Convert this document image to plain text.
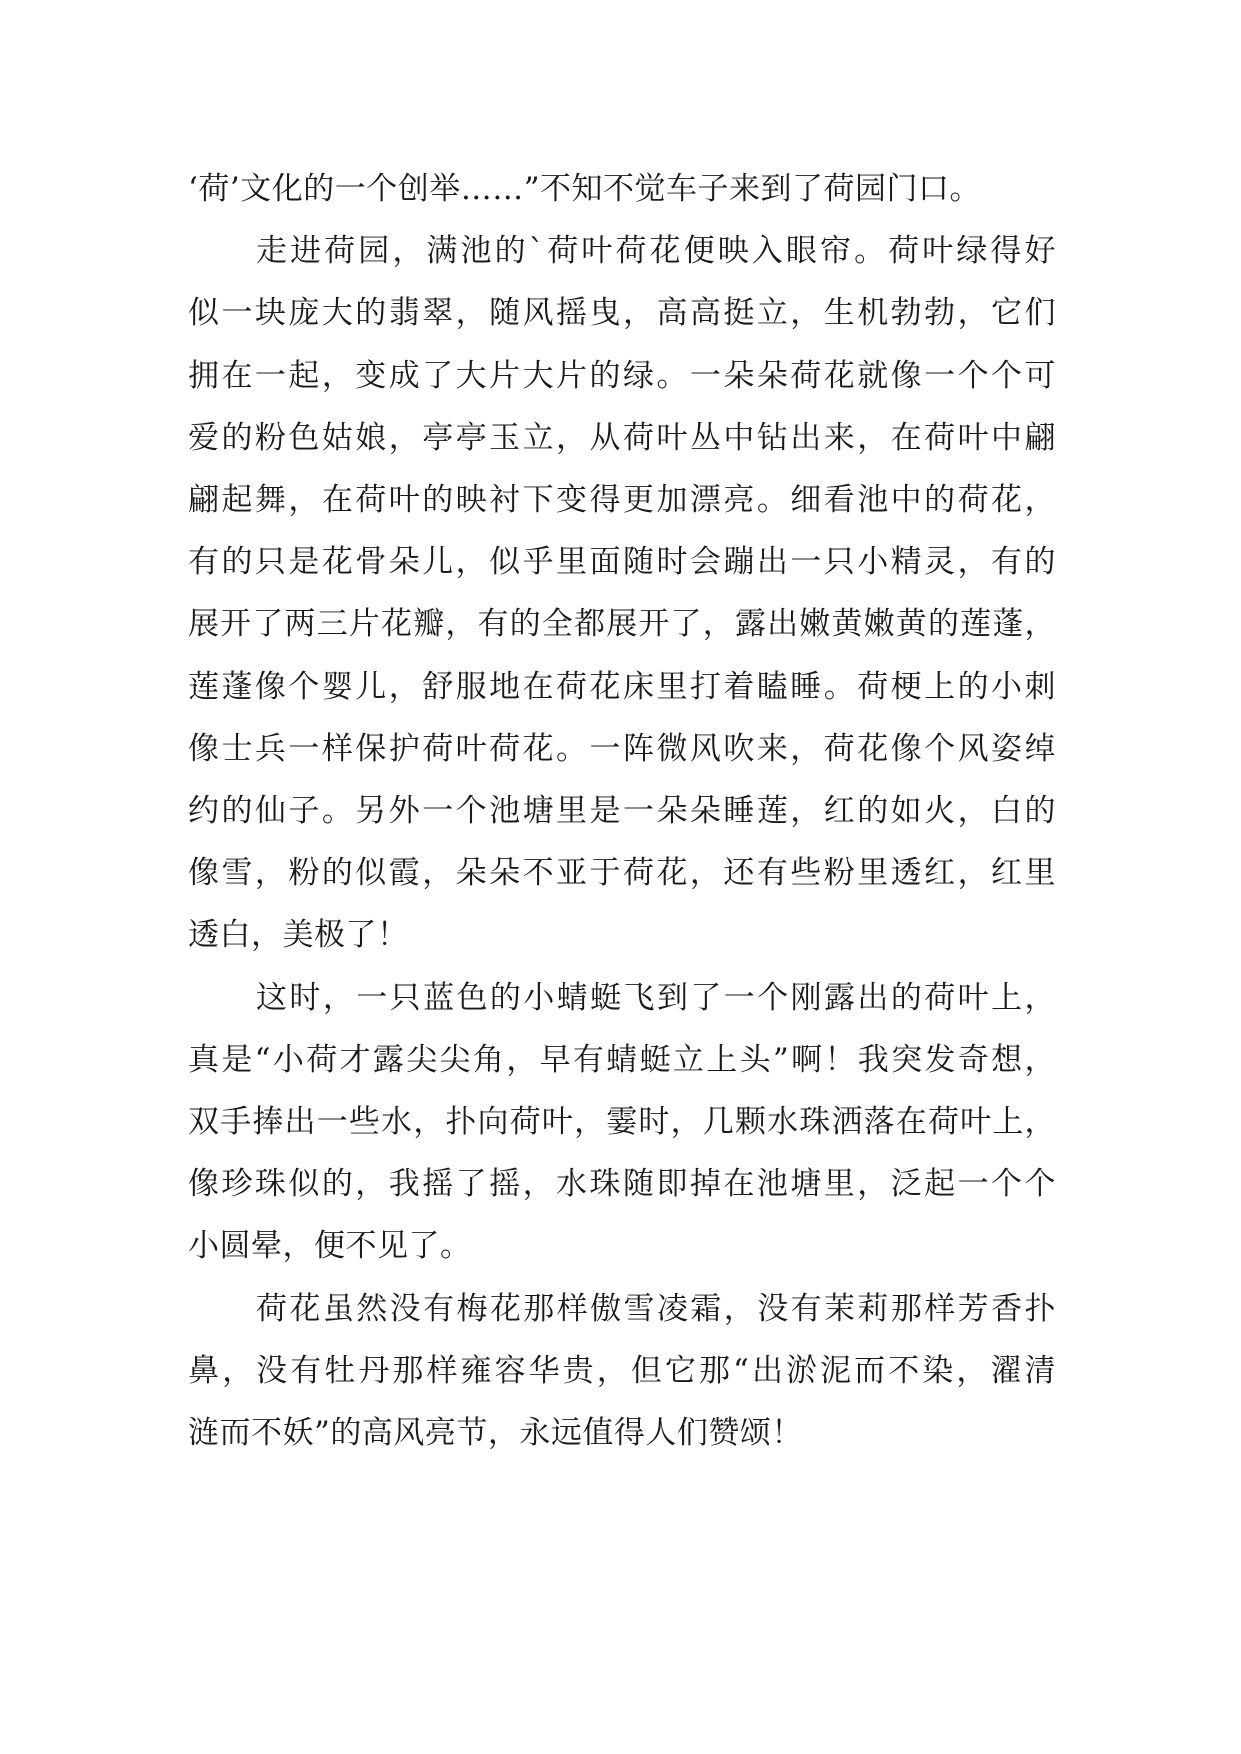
‘荷’文化的一个创举……”不知不觉车子来到了荷园门口。
走进荷园，满池的`荷叶荷花便映入眼帘。荷叶绿得好
似一块庞大的翡翠，随风摇曳，高高挺立，生机勃勃，它们
拥在一起，变成了大片大片的绿。一朵朵荷花就像一个个可
爱的粉色姑娘，亭亭玉立，从荷叶丛中钻出来，在荷叶中翩
翩起舞，在荷叶的映衬下变得更加漂亮。细看池中的荷花，
有的只是花骨朵儿，似乎里面随时会蹦出一只小精灵，有的
展开了两三片花瓣，有的全都展开了，露出嫩黄嫩黄的莲蓬，
莲蓬像个婴儿，舒服地在荷花床里打着瞌睡。荷梗上的小刺
像士兵一样保护荷叶荷花。一阵微风吹来，荷花像个风姿绰
约的仙子。另外一个池塘里是一朵朵睡莲，红的如火，白的
像雪，粉的似霞，朵朵不亚于荷花，还有些粉里透红，红里
透白，美极了！
这时，一只蓝色的小蜻蜓飞到了一个刚露出的荷叶上，
真是“小荷才露尖尖角，早有蜻蜓立上头”啊！我突发奇想，
双手捧出一些水，扑向荷叶，霎时，几颗水珠洒落在荷叶上，
像珍珠似的，我摇了摇，水珠随即掉在池塘里，泛起一个个
小圆晕，便不见了。
荷花虽然没有梅花那样傲雪凌霜，没有茉莉那样芳香扑
鼻，没有牡丹那样雍容华贵，但它那“出淤泥而不染，濯清
涟而不妖”的高风亮节，永远值得人们赞颂！
